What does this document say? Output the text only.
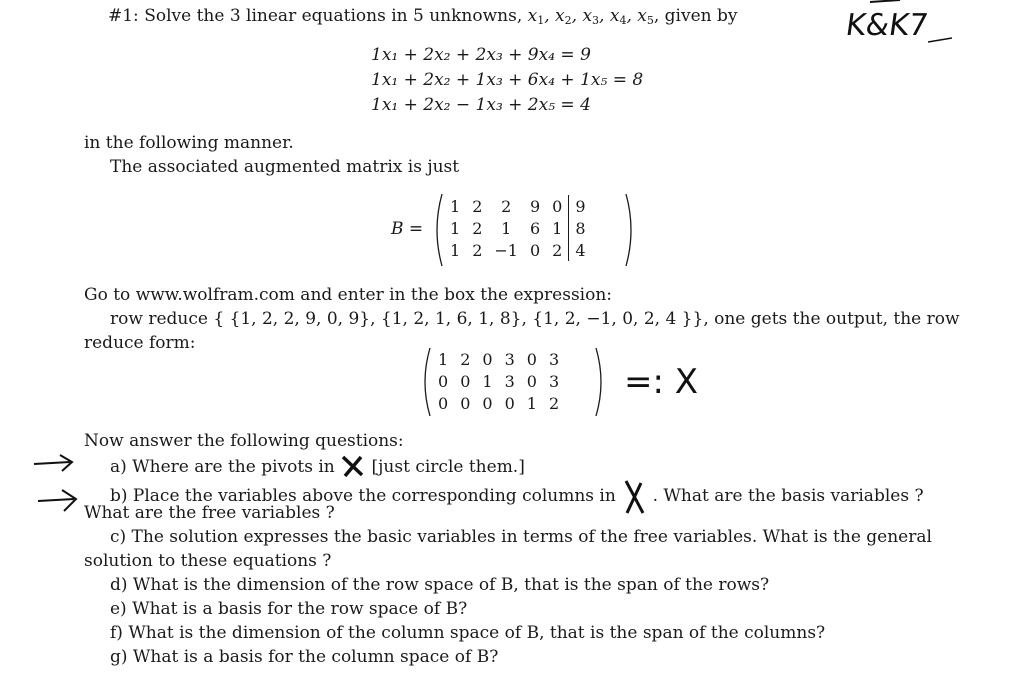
#1: Solve the 3 linear equations in 5 unknowns, $x_1$, $x_2$, $x_3$, $x_4$, $x_5$, given by	K&K7
1x₁ + 2x₂ + 2x₃ + 9x₄ = 9
1x₁ + 2x₂ + 1x₃ + 6x₄ + 1x₅ = 8
1x₁ + 2x₂ − 1x₃ + 2x₅ = 4
in the following manner.
The associated augmented matrix is just
B =
1	2	2	9	0	9
1	2	1	6	1	8
1	2	−1	0	2	4
Go to www.wolfram.com and enter in the box the expression:
row reduce { {1, 2, 2, 9, 0, 9}, {1, 2, 1, 6, 1, 8}, {1, 2, −1, 0, 2, 4 }}, one gets the output, the row
reduce form:
1	2	0	3	0	3
0	0	1	3	0	3
0	0	0	0	1	2
=: X
Now answer the following questions:
a) Where are the pivots in [just circle them.]
b) Place the variables above the corresponding columns in . What are the basis variables ?
What are the free variables ?
c) The solution expresses the basic variables in terms of the free variables. What is the general
solution to these equations ?
d) What is the dimension of the row space of B, that is the span of the rows?
e) What is a basis for the row space of B?
f) What is the dimension of the column space of B, that is the span of the columns?
g) What is a basis for the column space of B?
